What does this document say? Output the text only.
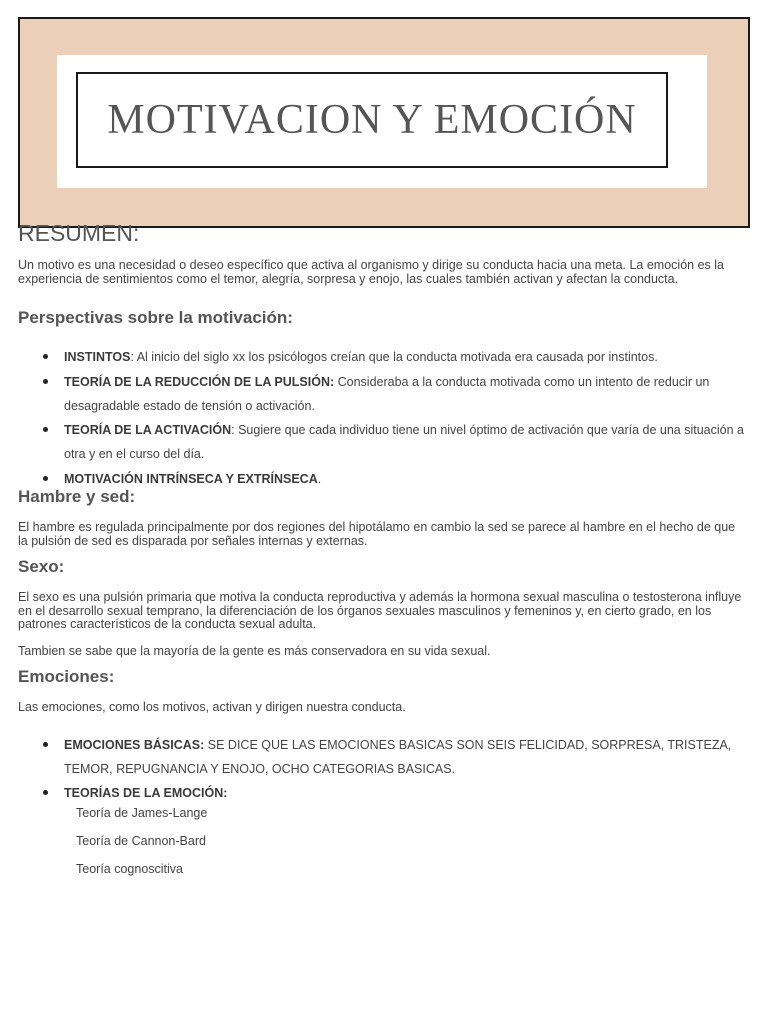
MOTIVACION Y EMOCIÓN
RESUMEN:
Un motivo es una necesidad o deseo específico que activa al organismo y dirige su conducta hacia una meta. La emoción es la experiencia de sentimientos como el temor, alegría, sorpresa y enojo, las cuales también activan y afectan la conducta.
Perspectivas sobre la motivación:
INSTINTOS: Al inicio del siglo xx los psicólogos creían que la conducta motivada era causada por instintos.
TEORÍA DE LA REDUCCIÓN DE LA PULSIÓN: Consideraba a la conducta motivada como un intento de reducir un desagradable estado de tensión o activación.
TEORÍA DE LA ACTIVACIÓN: Sugiere que cada individuo tiene un nivel óptimo de activación que varía de una situación a otra y en el curso del día.
MOTIVACIÓN INTRÍNSECA Y EXTRÍNSECA.
Hambre y sed:
El hambre es regulada principalmente por dos regiones del hipotálamo en cambio la sed se parece al hambre en el hecho de que la pulsión de sed es disparada por señales internas y externas.
Sexo:
El sexo es una pulsión primaria que motiva la conducta reproductiva y además la hormona sexual masculina o testosterona influye en el desarrollo sexual temprano, la diferenciación de los órganos sexuales masculinos y femeninos y, en cierto grado, en los patrones característicos de la conducta sexual adulta.
Tambien se sabe que la mayoría de la gente es más conservadora en su vida sexual.
Emociones:
Las emociones, como los motivos, activan y dirigen nuestra conducta.
EMOCIONES BÁSICAS: SE DICE QUE LAS EMOCIONES BASICAS SON SEIS FELICIDAD, SORPRESA, TRISTEZA, TEMOR, REPUGNANCIA Y ENOJO, OCHO CATEGORIAS BASICAS.
TEORÍAS DE LA EMOCIÓN:
Teoría de James-Lange
Teoría de Cannon-Bard
Teoría cognoscitiva
